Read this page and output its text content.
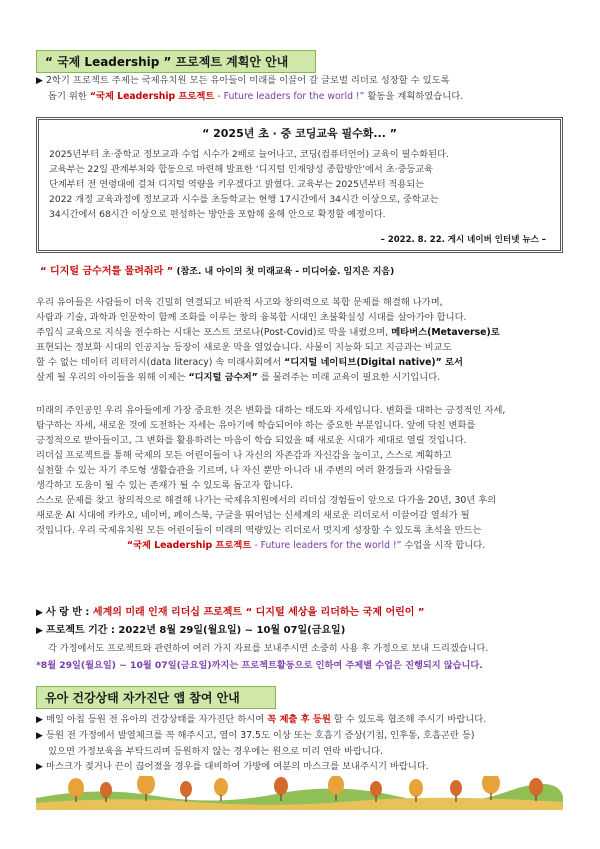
“ 국제 Leadership ” 프로젝트 계획안 안내

▶ 2학기 프로젝트 주제는 국제유치원 모든 유아들이 미래를 이끌어 갈 글로벌 리더로 성장할 수 있도록

돕기 위한 “국제 Leadership 프로젝트 - Future leaders for the world !” 활동을 계획하였습니다.

“ 2025년 초 · 중 코딩교육 필수화... ”
2025년부터 초·중학교 정보교과 수업 시수가 2배로 늘어나고, 코딩(컴퓨터언어) 교육이 필수화된다.
교육부는 22일 관계부처와 합동으로 마련해 발표한 ‘디지털 인재양성 종합방안’에서 초·중등교육
단계부터 전 연령대에 걸쳐 디지털 역량을 키우겠다고 밝혔다. 교육부는 2025년부터 적용되는
2022 개정 교육과정에 정보교과 시수를 초등학교는 현행 17시간에서 34시간 이상으로, 중학교는
34시간에서 68시간 이상으로 편성하는 방안을 포함해 올해 안으로 확정할 예정이다.
– 2022. 8. 22. 게시 네이버 인터넷 뉴스 –
“ 디지털 금수저를 물려줘라 ” (참조. 내 아이의 첫 미래교육 - 미디어숲. 임지은 지음)

우리 유아들은 사람들이 더욱 긴밀히 연결되고 비판적 사고와 창의력으로 복합 문제를 해결해 나가며,

사람과 기술, 과학과 인문학이 함께 조화를 이루는 창의 융복합 시대인 초불확실성 시대를 살아가야 합니다.

주입식 교육으로 지식을 전수하는 시대는 포스트 코로나(Post-Covid)로 막을 내렸으며, 메타버스(Metaverse)로

표현되는 정보화 시대의 인공지능 등장이 새로운 막을 열었습니다. 사물이 지능화 되고 지금과는 비교도

할 수 없는 데이터 리터러시(data literacy) 속 미래사회에서 “디지털 네이티브(Digital native)” 로서

살게 될 우리의 아이들을 위해 이제는 “디지털 금수저” 를 물려주는 미래 교육이 필요한 시기입니다.

미래의 주인공인 우리 유아들에게 가장 중요한 것은 변화를 대하는 태도와 자세입니다. 변화를 대하는 긍정적인 자세,

탐구하는 자세, 새로운 것에 도전하는 자세는 유아기에 학습되어야 하는 중요한 부분입니다. 앞에 닥친 변화를

긍정적으로 받아들이고, 그 변화를 활용하려는 마음이 학습 되었을 때 새로운 시대가 제대로 열릴 것입니다.

리더십 프로젝트를 통해 국제의 모든 어린이들이 나 자신의 자존감과 자신감을 높이고, 스스로 계획하고

실천할 수 있는 자기 주도형 생활습관을 기르며, 나 자신 뿐만 아니라 내 주변의 여러 환경들과 사람들을

생각하고 도움이 될 수 있는 존재가 될 수 있도록 돕고자 합니다.

스스로 문제를 찾고 창의적으로 해결해 나가는 국제유치원에서의 리더십 경험들이 앞으로 다가올 20년, 30년 후의

새로운 AI 시대에 카카오, 네이버, 페이스북, 구글을 뛰어넘는 신세계의 새로운 리더로서 이끌어갈 열쇠가 될

것입니다. 우리 국제유치원 모든 어린이들이 미래의 역량있는 리더로서 멋지게 성장할 수 있도록 초석을 만드는

“국제 Leadership 프로젝트 - Future leaders for the world !” 수업을 시작 합니다.

▶ 사 랑 반 : 세계의 미래 인재 리더십 프로젝트 “ 디지털 세상을 리더하는 국제 어린이 ”

▶ 프로젝트 기간 : 2022년 8월 29일(월요일) ~ 10월 07일(금요일)

각 가정에서도 프로젝트와 관련하여 여러 가지 자료를 보내주시면 소중히 사용 후 가정으로 보내 드리겠습니다.

*8월 29일(월요일) ~ 10월 07일(금요일)까지는 프로젝트활동으로 인하여 주제별 수업은 진행되지 않습니다.

유아 건강상태 자가진단 앱 참여 안내

▶ 매일 아침 등원 전 유아의 건강상태를 자가진단 하시여 꼭 제출 후 등원 할 수 있도록 협조해 주시기 바랍니다.

▶ 등원 전 가정에서 발열체크를 꼭 해주시고, 열이 37.5도 이상 또는 호흡기 증상(기침, 인후통, 호흡곤란 등)

있으면 가정보육을 부탁드리며 등원하지 않는 경우에는 원으로 미리 연락 바랍니다.

▶ 마스크가 젖거나 끈이 끊어졌을 경우를 대비하여 가방에 여분의 마스크를 보내주시기 바랍니다.
